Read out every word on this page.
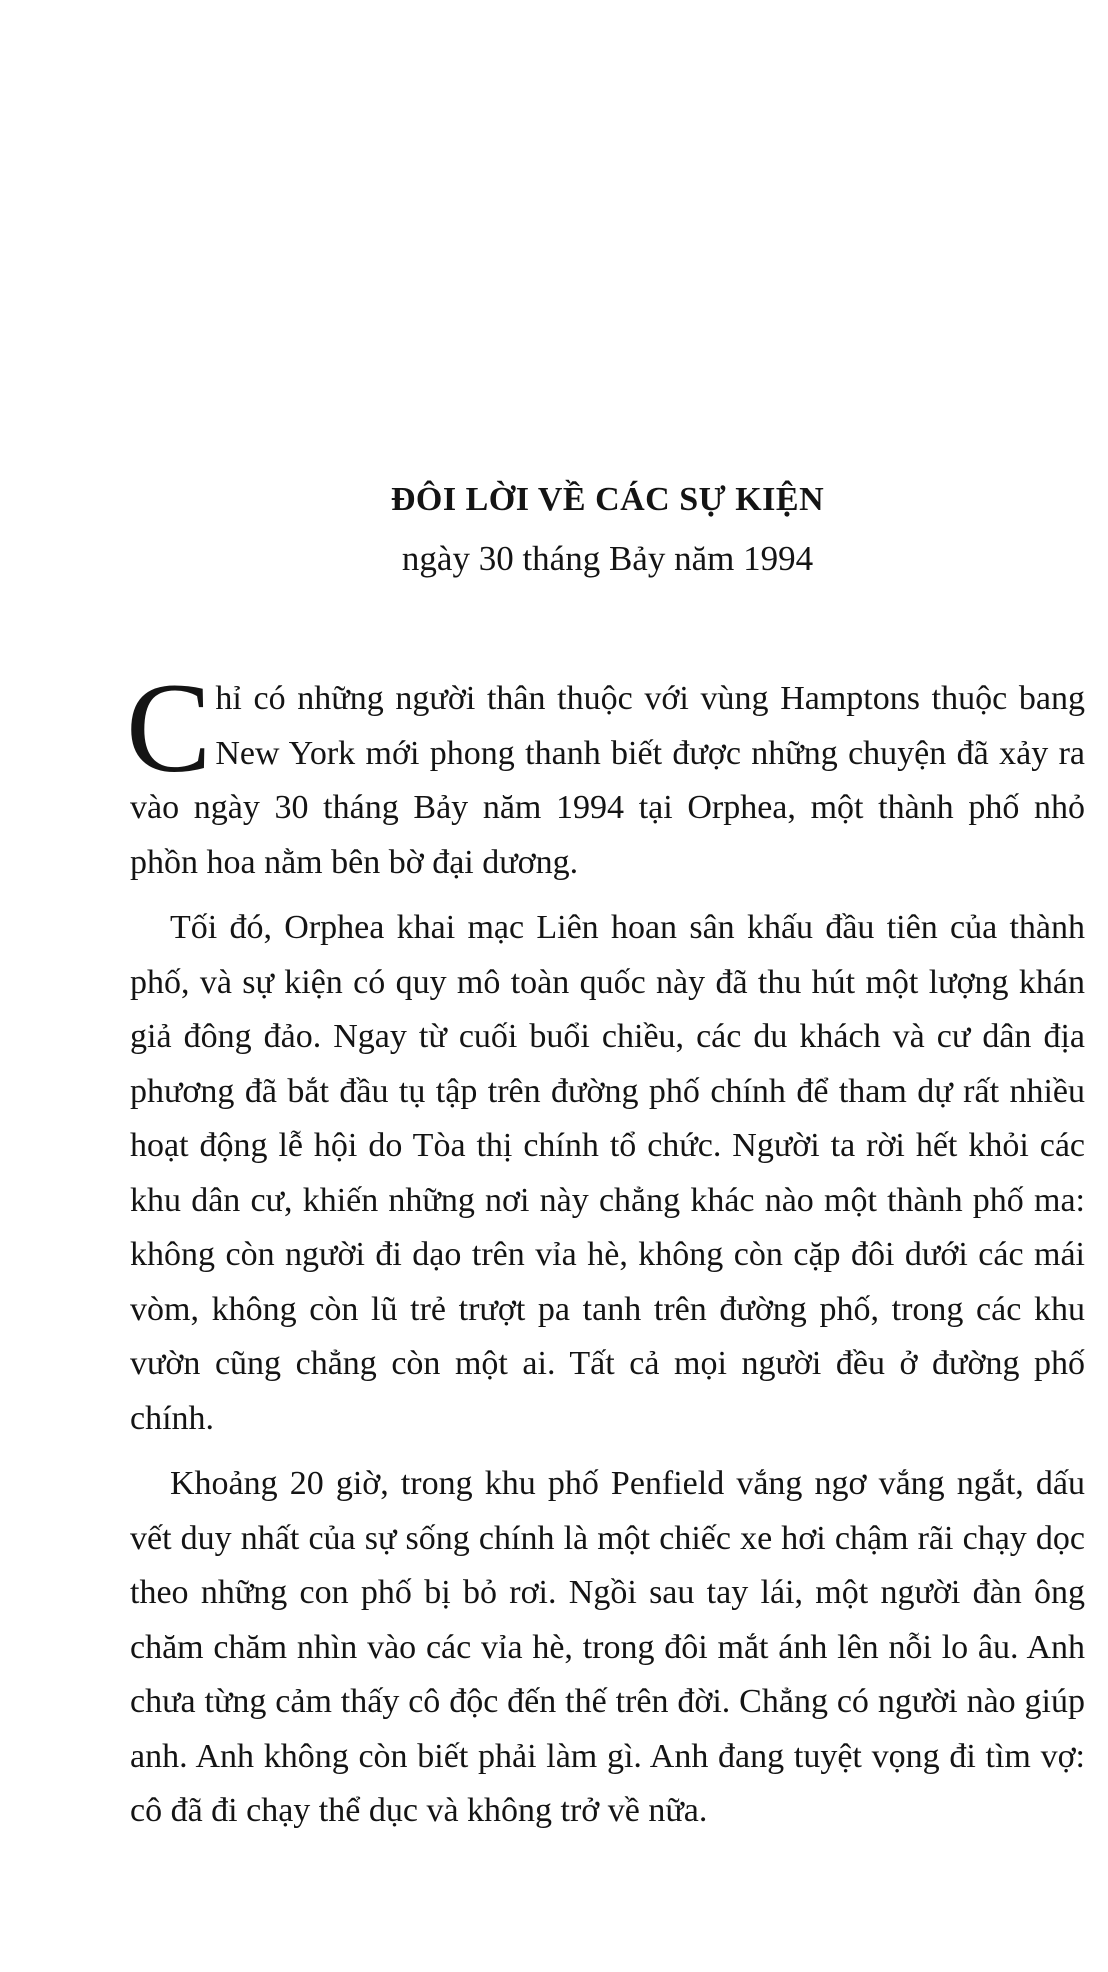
ĐÔI LỜI VỀ CÁC SỰ KIỆN
ngày 30 tháng Bảy năm 1994

Chỉ có những người thân thuộc với vùng Hamptons thuộc bang New York mới phong thanh biết được những chuyện đã xảy ra vào ngày 30 tháng Bảy năm 1994 tại Orphea, một thành phố nhỏ phồn hoa nằm bên bờ đại dương.

Tối đó, Orphea khai mạc Liên hoan sân khấu đầu tiên của thành phố, và sự kiện có quy mô toàn quốc này đã thu hút một lượng khán giả đông đảo. Ngay từ cuối buổi chiều, các du khách và cư dân địa phương đã bắt đầu tụ tập trên đường phố chính để tham dự rất nhiều hoạt động lễ hội do Tòa thị chính tổ chức. Người ta rời hết khỏi các khu dân cư, khiến những nơi này chẳng khác nào một thành phố ma: không còn người đi dạo trên vỉa hè, không còn cặp đôi dưới các mái vòm, không còn lũ trẻ trượt pa tanh trên đường phố, trong các khu vườn cũng chẳng còn một ai. Tất cả mọi người đều ở đường phố chính.

Khoảng 20 giờ, trong khu phố Penfield vắng ngơ vắng ngắt, dấu vết duy nhất của sự sống chính là một chiếc xe hơi chậm rãi chạy dọc theo những con phố bị bỏ rơi. Ngồi sau tay lái, một người đàn ông chăm chăm nhìn vào các vỉa hè, trong đôi mắt ánh lên nỗi lo âu. Anh chưa từng cảm thấy cô độc đến thế trên đời. Chẳng có người nào giúp anh. Anh không còn biết phải làm gì. Anh đang tuyệt vọng đi tìm vợ: cô đã đi chạy thể dục và không trở về nữa.
